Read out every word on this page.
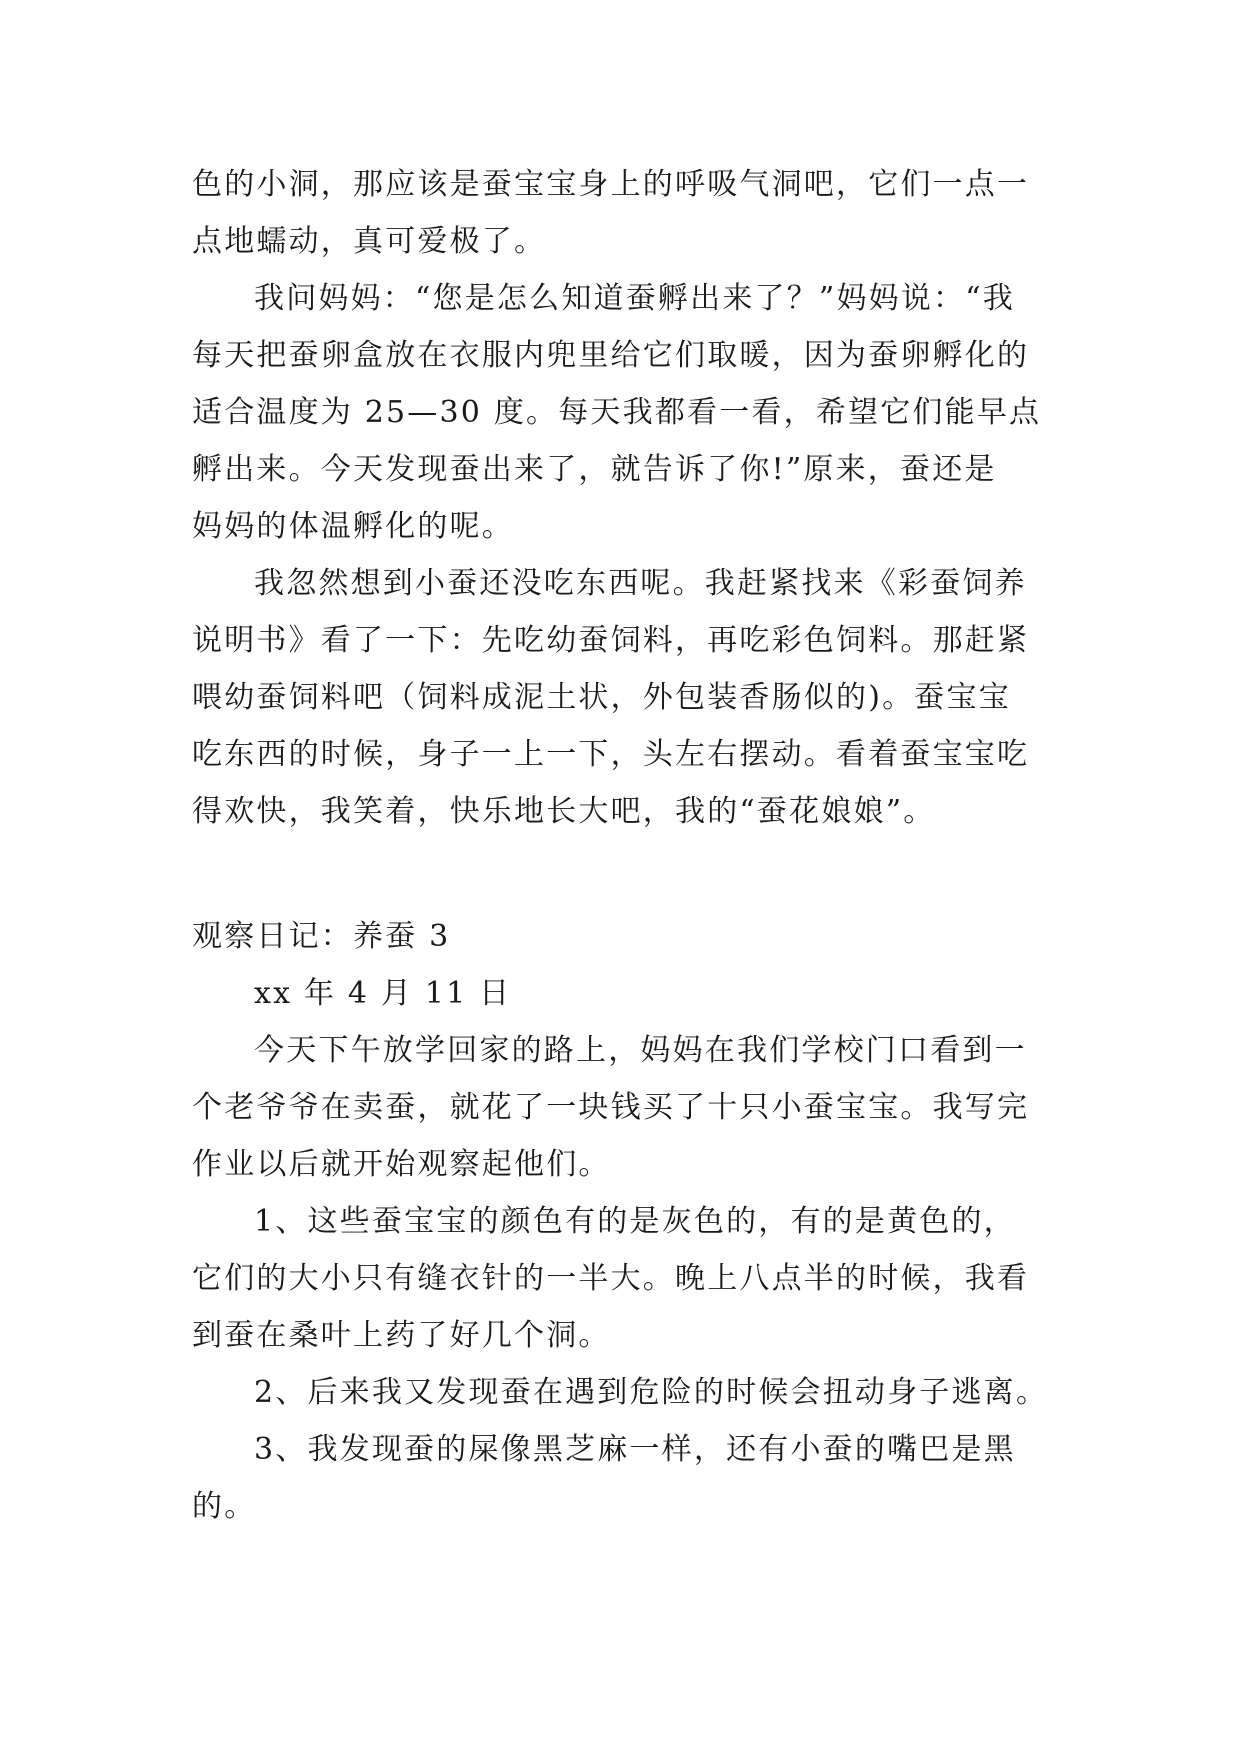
色的小洞，那应该是蚕宝宝身上的呼吸气洞吧，它们一点一

点地蠕动，真可爱极了。

我问妈妈：“您是怎么知道蚕孵出来了？”妈妈说：“我

每天把蚕卵盒放在衣服内兜里给它们取暖，因为蚕卵孵化的

适合温度为 25—30 度。每天我都看一看，希望它们能早点

孵出来。今天发现蚕出来了，就告诉了你!”原来，蚕还是

妈妈的体温孵化的呢。

我忽然想到小蚕还没吃东西呢。我赶紧找来《彩蚕饲养

说明书》看了一下：先吃幼蚕饲料，再吃彩色饲料。那赶紧

喂幼蚕饲料吧（饲料成泥土状，外包装香肠似的)。蚕宝宝

吃东西的时候，身子一上一下，头左右摆动。看着蚕宝宝吃

得欢快，我笑着，快乐地长大吧，我的“蚕花娘娘”。

观察日记：养蚕 3

xx 年 4 月 11 日

今天下午放学回家的路上，妈妈在我们学校门口看到一

个老爷爷在卖蚕，就花了一块钱买了十只小蚕宝宝。我写完

作业以后就开始观察起他们。

1、这些蚕宝宝的颜色有的是灰色的，有的是黄色的，

它们的大小只有缝衣针的一半大。晚上八点半的时候，我看

到蚕在桑叶上药了好几个洞。

2、后来我又发现蚕在遇到危险的时候会扭动身子逃离。

3、我发现蚕的屎像黑芝麻一样，还有小蚕的嘴巴是黑

的。
